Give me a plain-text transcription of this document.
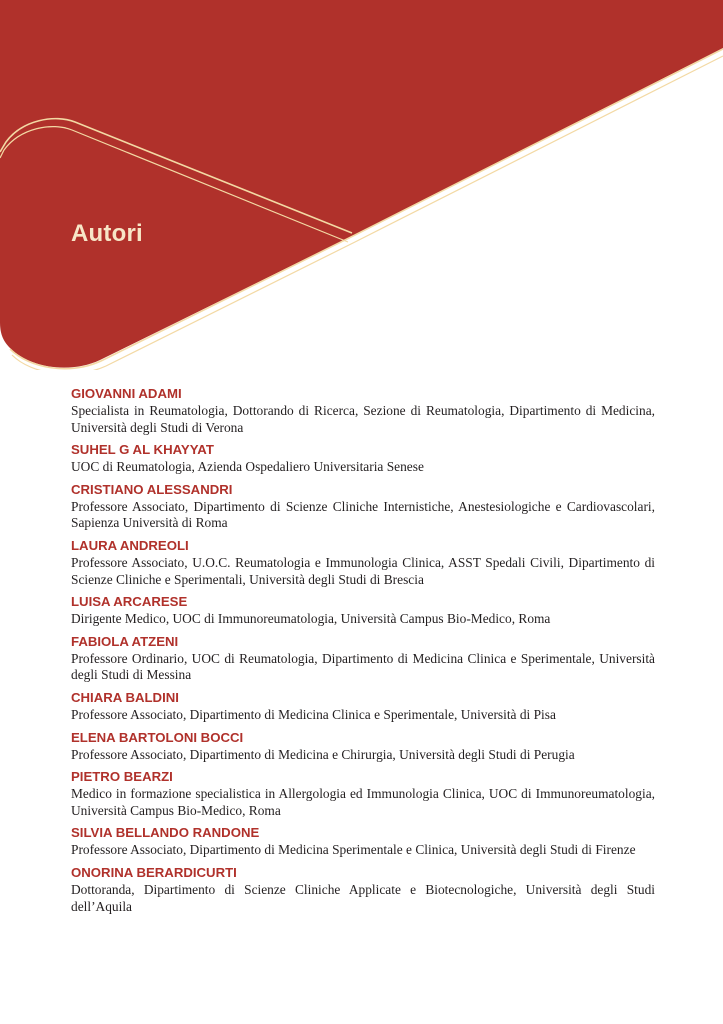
Autori
GIOVANNI ADAMI
Specialista in Reumatologia, Dottorando di Ricerca, Sezione di Reumatologia, Dipartimento di Medicina, Università degli Studi di Verona
SUHEL G AL KHAYYAT
UOC di Reumatologia, Azienda Ospedaliero Universitaria Senese
CRISTIANO ALESSANDRI
Professore Associato, Dipartimento di Scienze Cliniche Internistiche, Anestesiologiche e Cardiovascolari, Sapienza Università di Roma
LAURA ANDREOLI
Professore Associato, U.O.C. Reumatologia e Immunologia Clinica, ASST Spedali Civili, Dipartimento di Scienze Cliniche e Sperimentali, Università degli Studi di Brescia
LUISA ARCARESE
Dirigente Medico, UOC di Immunoreumatologia, Università Campus Bio-Medico, Roma
FABIOLA ATZENI
Professore Ordinario, UOC di Reumatologia, Dipartimento di Medicina Clinica e Sperimentale, Università degli Studi di Messina
CHIARA BALDINI
Professore Associato, Dipartimento di Medicina Clinica e Sperimentale, Università di Pisa
ELENA BARTOLONI BOCCI
Professore Associato, Dipartimento di Medicina e Chirurgia, Università degli Studi di Perugia
PIETRO BEARZI
Medico in formazione specialistica in Allergologia ed Immunologia Clinica, UOC di Immunoreumatologia, Università Campus Bio-Medico, Roma
SILVIA BELLANDO RANDONE
Professore Associato, Dipartimento di Medicina Sperimentale e Clinica, Università degli Studi di Firenze
ONORINA BERARDICURTI
Dottoranda, Dipartimento di Scienze Cliniche Applicate e Biotecnologiche, Università degli Studi dell’Aquila
